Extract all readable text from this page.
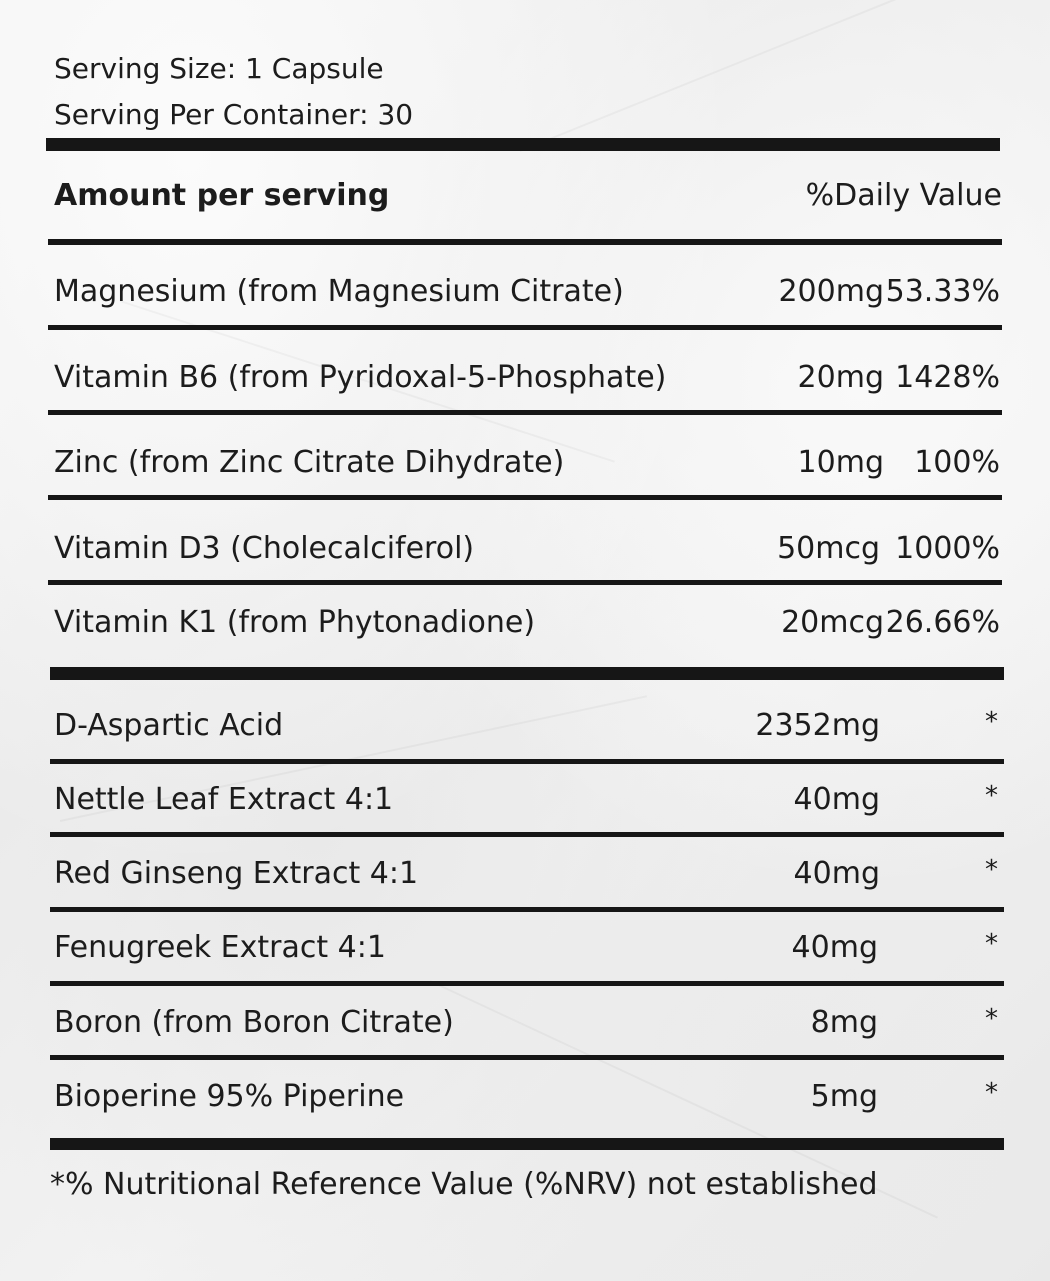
Serving Size: 1 Capsule
Serving Per Container: 30
Amount per serving	%Daily Value
Magnesium (from Magnesium Citrate)	200mg 53.33%
Vitamin B6 (from Pyridoxal-5-Phosphate)	20mg 1428%
Zinc (from Zinc Citrate Dihydrate)	10mg 100%
Vitamin D3 (Cholecalciferol)	50mcg 1000%
Vitamin K1 (from Phytonadione)	20mcg 26.66%
D-Aspartic Acid	2352mg	*
Nettle Leaf Extract 4:1	40mg	*
Red Ginseng Extract 4:1	40mg	*
Fenugreek Extract 4:1	40mg	*
Boron (from Boron Citrate)	8mg	*
Bioperine 95% Piperine	5mg	*
*% Nutritional Reference Value (%NRV) not established
